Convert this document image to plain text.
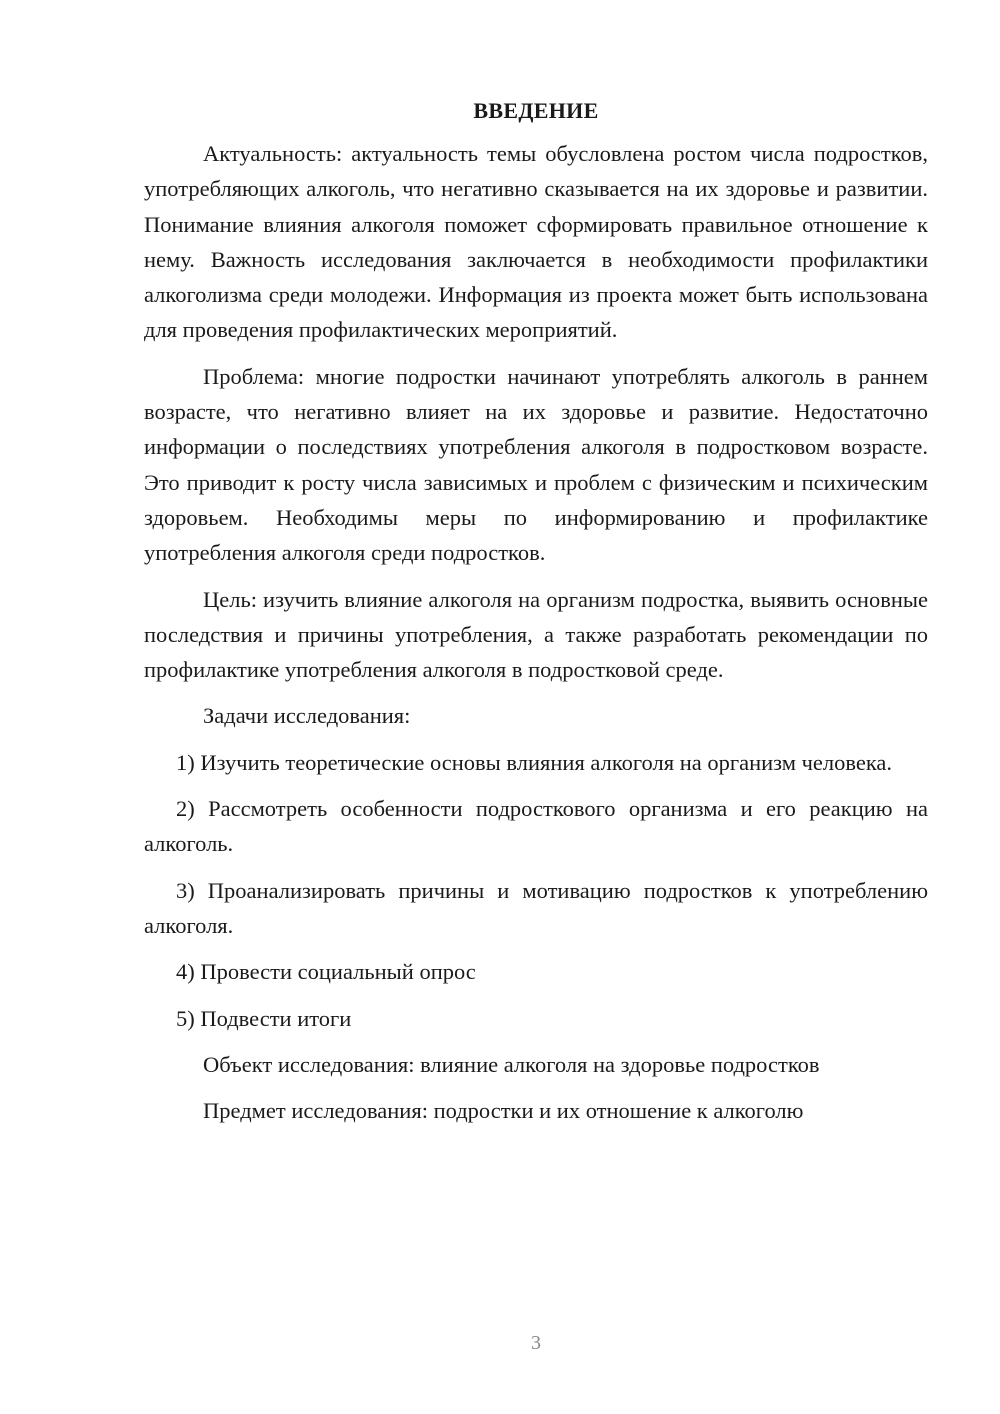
ВВЕДЕНИЕ

Актуальность: актуальность темы обусловлена ростом числа подростков, употребляющих алкоголь, что негативно сказывается на их здоровье и развитии. Понимание влияния алкоголя поможет сформировать правильное отношение к нему. Важность исследования заключается в необходимости профилактики алкоголизма среди молодежи. Информация из проекта может быть использована для проведения профилактических мероприятий.

Проблема: многие подростки начинают употреблять алкоголь в раннем возрасте, что негативно влияет на их здоровье и развитие. Недостаточно информации о последствиях употребления алкоголя в подростковом возрасте. Это приводит к росту числа зависимых и проблем с физическим и психическим здоровьем. Необходимы меры по информированию и профилактике употребления алкоголя среди подростков.

Цель: изучить влияние алкоголя на организм подростка, выявить основные последствия и причины употребления, а также разработать рекомендации по профилактике употребления алкоголя в подростковой среде.

Задачи исследования:

1) Изучить теоретические основы влияния алкоголя на организм человека.

2) Рассмотреть особенности подросткового организма и его реакцию на алкоголь.

3) Проанализировать причины и мотивацию подростков к употреблению алкоголя.

4) Провести социальный опрос

5) Подвести итоги

Объект исследования: влияние алкоголя на здоровье подростков

Предмет исследования: подростки и их отношение к алкоголю

3
